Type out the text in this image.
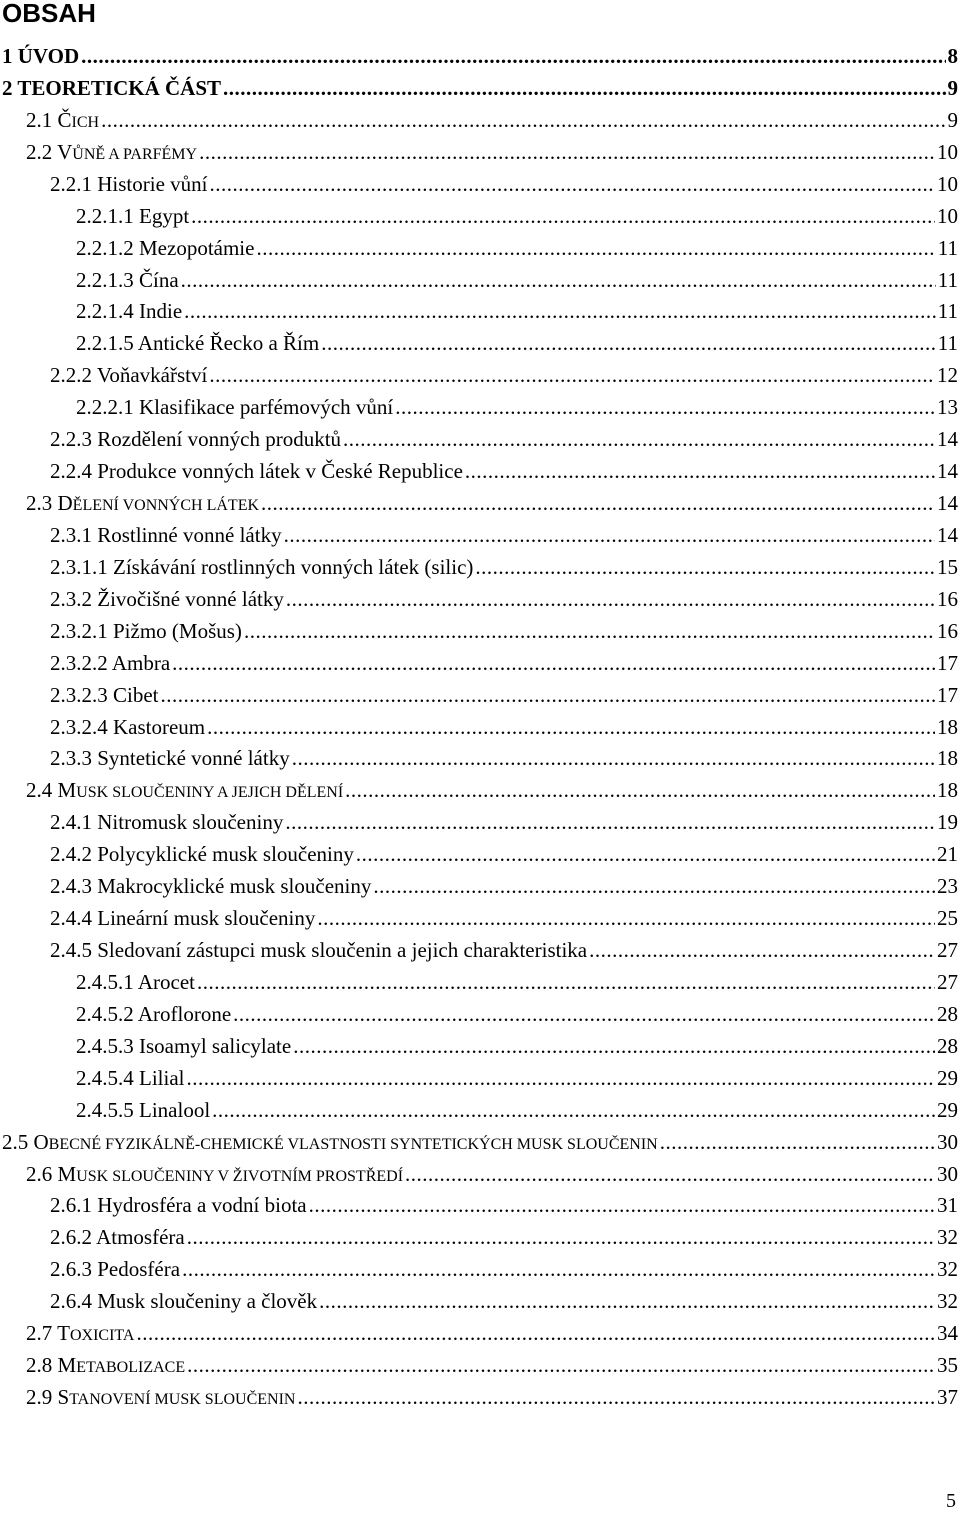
OBSAH
1 ÚVOD .....	8
2 TEORETICKÁ ČÁST .....	9
2.1 ČICH .....	9
2.2 VŮNĚ A PARFÉMY .....	10
2.2.1 Historie vůní .....	10
2.2.1.1 Egypt .....	10
2.2.1.2 Mezopotámie .....	11
2.2.1.3 Čína .....	11
2.2.1.4 Indie .....	11
2.2.1.5 Antické Řecko a Řím .....	11
2.2.2 Voňavkářství .....	12
2.2.2.1 Klasifikace parfémových vůní .....	13
2.2.3 Rozdělení vonných produktů .....	14
2.2.4 Produkce vonných látek v České Republice .....	14
2.3 DĚLENÍ VONNÝCH LÁTEK .....	14
2.3.1 Rostlinné vonné látky .....	14
2.3.1.1 Získávání rostlinných vonných látek (silic) .....	15
2.3.2 Živočišné vonné látky .....	16
2.3.2.1 Pižmo (Mošus) .....	16
2.3.2.2 Ambra .....	17
2.3.2.3 Cibet .....	17
2.3.2.4 Kastoreum .....	18
2.3.3 Syntetické vonné látky .....	18
2.4 MUSK SLOUČENINY A JEJICH DĚLENÍ .....	18
2.4.1 Nitromusk sloučeniny .....	19
2.4.2 Polycyklické musk sloučeniny .....	21
2.4.3 Makrocyklické musk sloučeniny .....	23
2.4.4 Lineární musk sloučeniny .....	25
2.4.5 Sledovaní zástupci musk sloučenin a jejich charakteristika .....	27
2.4.5.1 Arocet .....	27
2.4.5.2 Aroflorone .....	28
2.4.5.3 Isoamyl salicylate .....	28
2.4.5.4 Lilial .....	29
2.4.5.5 Linalool .....	29
2.5 OBECNÉ FYZIKÁLNĚ-CHEMICKÉ VLASTNOSTI SYNTETICKÝCH MUSK SLOUČENIN .....	30
2.6 MUSK SLOUČENINY V ŽIVOTNÍM PROSTŘEDÍ .....	30
2.6.1 Hydrosféra a vodní biota .....	31
2.6.2 Atmosféra .....	32
2.6.3 Pedosféra .....	32
2.6.4 Musk sloučeniny a člověk .....	32
2.7 TOXICITA .....	34
2.8 METABOLIZACE .....	35
2.9 STANOVENÍ MUSK SLOUČENIN .....	37
5
